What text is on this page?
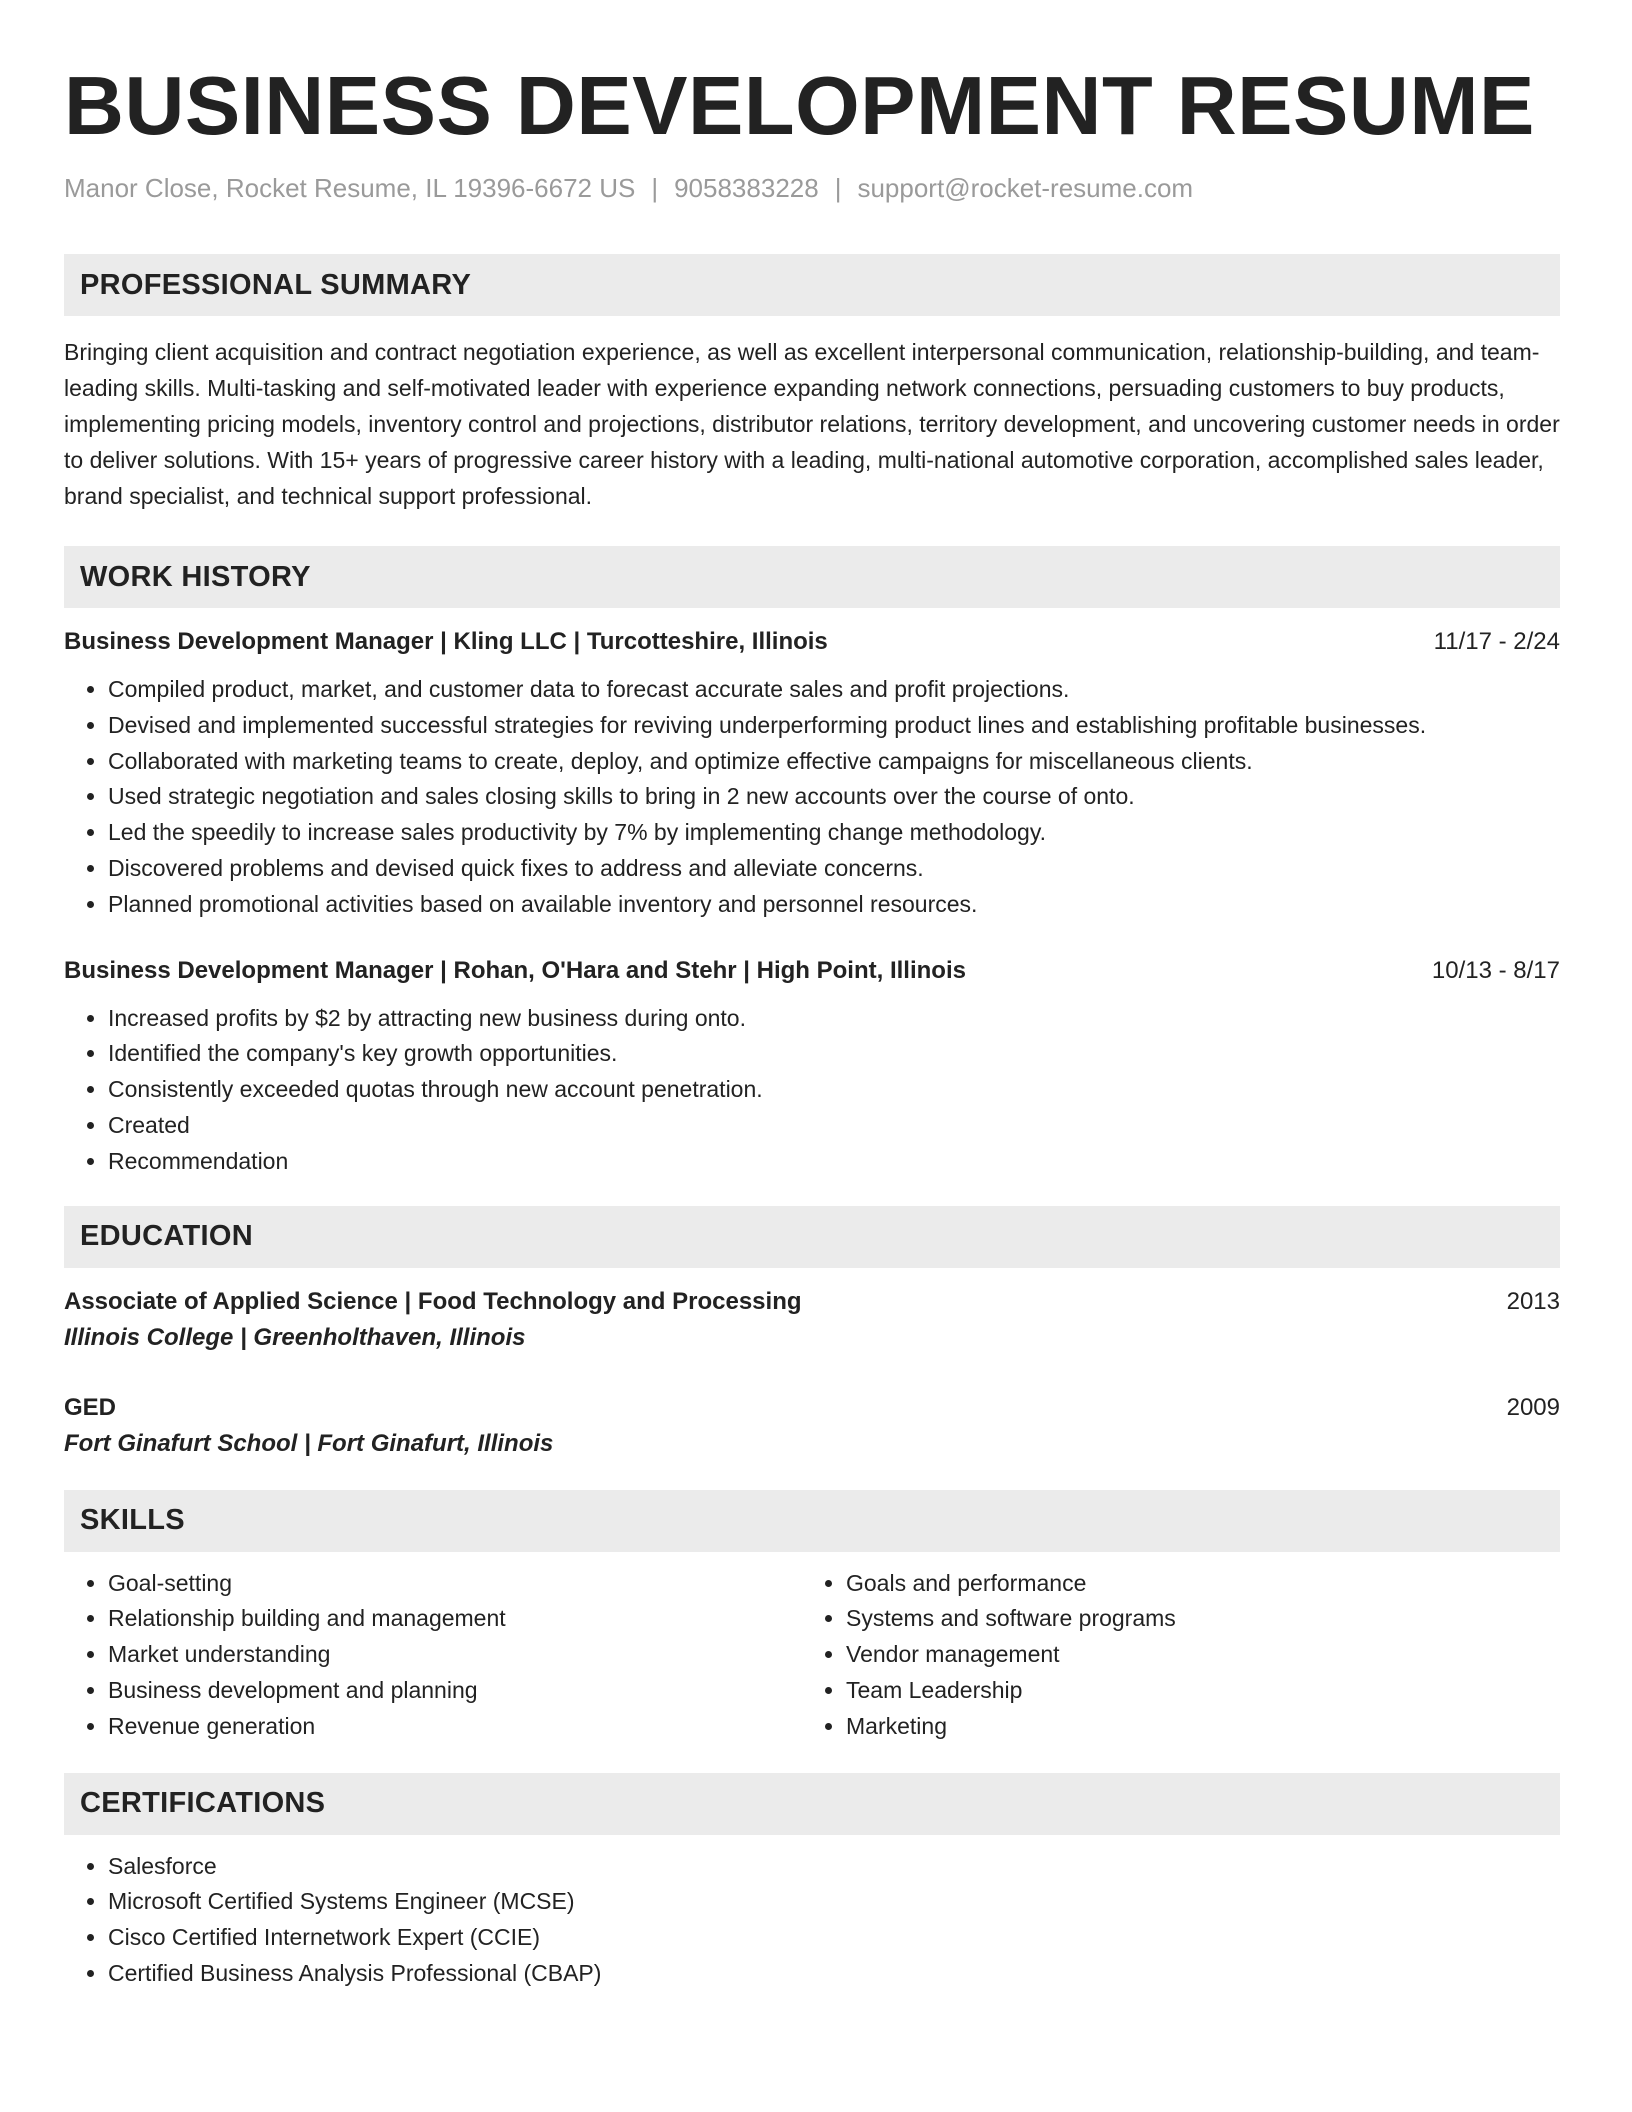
BUSINESS DEVELOPMENT RESUME
Manor Close, Rocket Resume, IL 19396-6672 US | 9058383228 | support@rocket-resume.com
PROFESSIONAL SUMMARY
Bringing client acquisition and contract negotiation experience, as well as excellent interpersonal communication, relationship-building, and team-leading skills. Multi-tasking and self-motivated leader with experience expanding network connections, persuading customers to buy products, implementing pricing models, inventory control and projections, distributor relations, territory development, and uncovering customer needs in order to deliver solutions. With 15+ years of progressive career history with a leading, multi-national automotive corporation, accomplished sales leader, brand specialist, and technical support professional.
WORK HISTORY
Business Development Manager | Kling LLC | Turcotteshire, Illinois	11/17 - 2/24
• Compiled product, market, and customer data to forecast accurate sales and profit projections.
• Devised and implemented successful strategies for reviving underperforming product lines and establishing profitable businesses.
• Collaborated with marketing teams to create, deploy, and optimize effective campaigns for miscellaneous clients.
• Used strategic negotiation and sales closing skills to bring in 2 new accounts over the course of onto.
• Led the speedily to increase sales productivity by 7% by implementing change methodology.
• Discovered problems and devised quick fixes to address and alleviate concerns.
• Planned promotional activities based on available inventory and personnel resources.
Business Development Manager | Rohan, O'Hara and Stehr | High Point, Illinois	10/13 - 8/17
• Increased profits by $2 by attracting new business during onto.
• Identified the company's key growth opportunities.
• Consistently exceeded quotas through new account penetration.
• Created
• Recommendation
EDUCATION
Associate of Applied Science | Food Technology and Processing	2013
Illinois College | Greenholthaven, Illinois
GED	2009
Fort Ginafurt School | Fort Ginafurt, Illinois
SKILLS
• Goal-setting
• Relationship building and management
• Market understanding
• Business development and planning
• Revenue generation
• Goals and performance
• Systems and software programs
• Vendor management
• Team Leadership
• Marketing
CERTIFICATIONS
• Salesforce
• Microsoft Certified Systems Engineer (MCSE)
• Cisco Certified Internetwork Expert (CCIE)
• Certified Business Analysis Professional (CBAP)
